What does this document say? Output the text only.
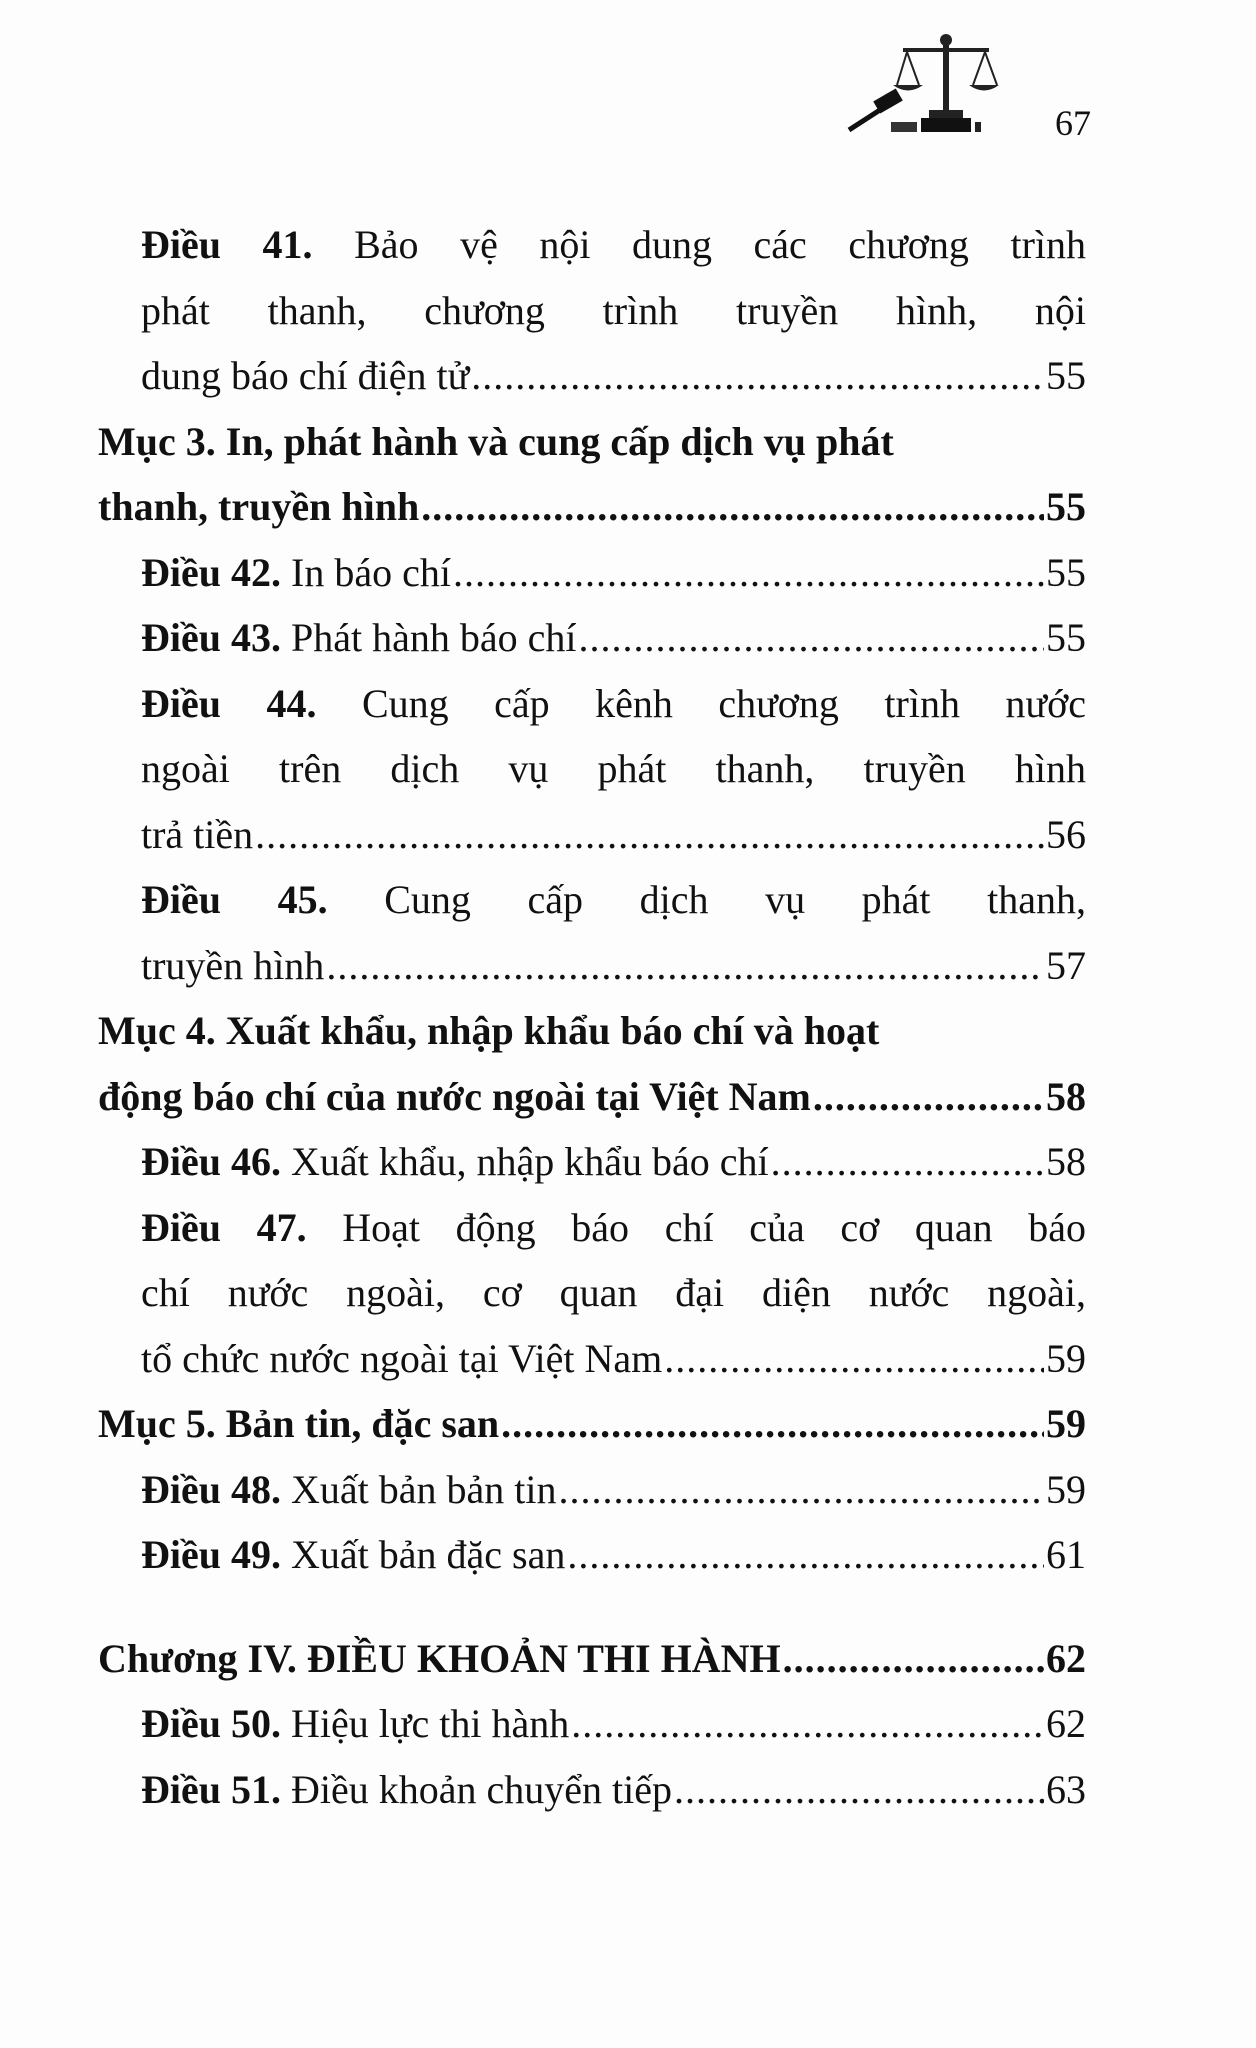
67
Điều 41. Bảo vệ nội dung các chương trình
phát thanh, chương trình truyền hình, nội
dung báo chí điện tử .....	55
Mục 3. In, phát hành và cung cấp dịch vụ phát
thanh, truyền hình .....	55
Điều 42.
In báo chí .....	55
Điều 43.
Phát hành báo chí .....	55
Điều 44. Cung cấp kênh chương trình nước
ngoài trên dịch vụ phát thanh, truyền hình
trả tiền .....	56
Điều 45. Cung cấp dịch vụ phát thanh,
truyền hình .....	57
Mục 4. Xuất khẩu, nhập khẩu báo chí và hoạt
động báo chí của nước ngoài tại Việt Nam .....	58
Điều 46.
Xuất khẩu, nhập khẩu báo chí .....	58
Điều 47. Hoạt động báo chí của cơ quan báo
chí nước ngoài, cơ quan đại diện nước ngoài,
tổ chức nước ngoài tại Việt Nam .....	59
Mục 5. Bản tin, đặc san .....	59
Điều 48.
Xuất bản bản tin .....	59
Điều 49.
Xuất bản đặc san .....	61
Chương IV. ĐIỀU KHOẢN THI HÀNH .....	62
Điều 50.
Hiệu lực thi hành .....	62
Điều 51.
Điều khoản chuyển tiếp .....	63
